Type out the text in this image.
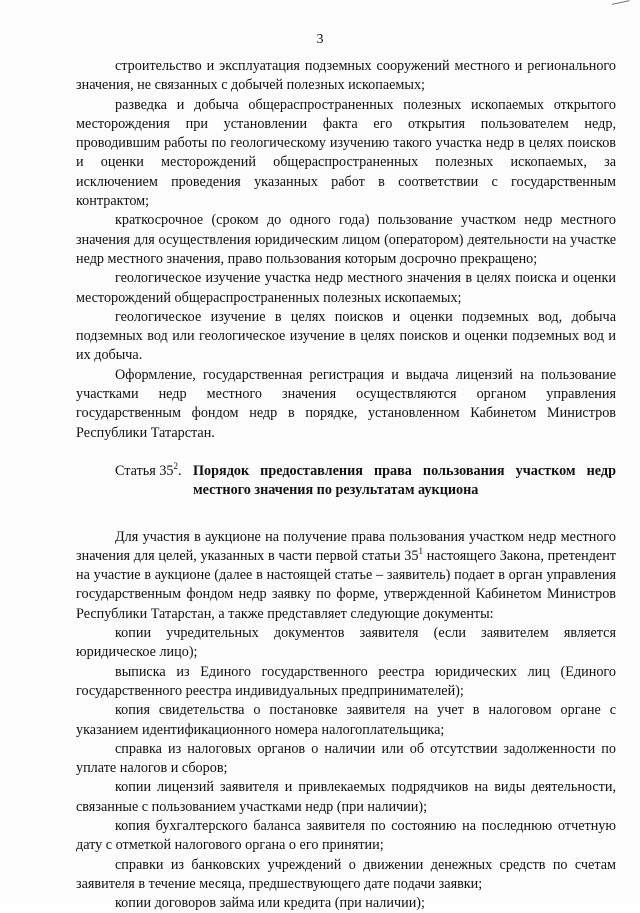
3

строительство и эксплуатация подземных сооружений местного и регионального значения, не связанных с добычей полезных ископаемых;

разведка и добыча общераспространенных полезных ископаемых открытого месторождения при установлении факта его открытия пользователем недр, проводившим работы по геологическому изучению такого участка недр в целях поисков и оценки месторождений общераспространенных полезных ископаемых, за исключением проведения указанных работ в соответствии с государственным контрактом;

краткосрочное (сроком до одного года) пользование участком недр местного значения для осуществления юридическим лицом (оператором) деятельности на участке недр местного значения, право пользования которым досрочно прекращено;

геологическое изучение участка недр местного значения в целях поиска и оценки месторождений общераспространенных полезных ископаемых;

геологическое изучение в целях поисков и оценки подземных вод, добыча подземных вод или геологическое изучение в целях поисков и оценки подземных вод и их добыча.

Оформление, государственная регистрация и выдача лицензий на пользование участками недр местного значения осуществляются органом управления государственным фондом недр в порядке, установленном Кабинетом Министров Республики Татарстан.

Статья $35^2$. Порядок предоставления права пользования участком недр местного значения по результатам аукциона

Для участия в аукционе на получение права пользования участком недр местного значения для целей, указанных в части первой статьи $35^1$ настоящего Закона, претендент на участие в аукционе (далее в настоящей статье – заявитель) подает в орган управления государственным фондом недр заявку по форме, утвержденной Кабинетом Министров Республики Татарстан, а также представляет следующие документы:

копии учредительных документов заявителя (если заявителем является юридическое лицо);

выписка из Единого государственного реестра юридических лиц (Единого государственного реестра индивидуальных предпринимателей);

копия свидетельства о постановке заявителя на учет в налоговом органе с указанием идентификационного номера налогоплательщика;

справка из налоговых органов о наличии или об отсутствии задолженности по уплате налогов и сборов;

копии лицензий заявителя и привлекаемых подрядчиков на виды деятельности, связанные с пользованием участками недр (при наличии);

копия бухгалтерского баланса заявителя по состоянию на последнюю отчетную дату с отметкой налогового органа о его принятии;

справки из банковских учреждений о движении денежных средств по счетам заявителя в течение месяца, предшествующего дате подачи заявки;

копии договоров займа или кредита (при наличии);
